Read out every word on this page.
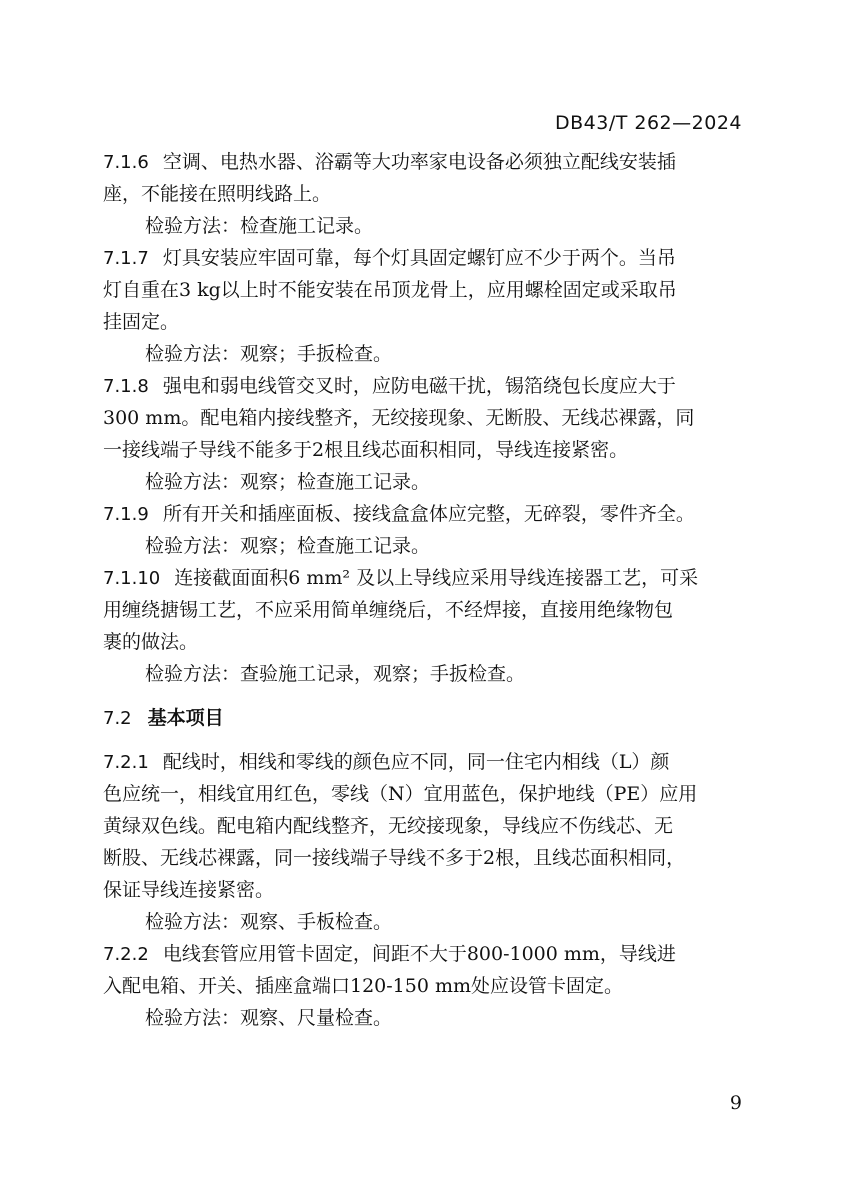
DB43/T 262—2024
7.1.6 空调、电热水器、浴霸等大功率家电设备必须独立配线安装插
座，不能接在照明线路上。
检验方法：检查施工记录。
7.1.7 灯具安装应牢固可靠，每个灯具固定螺钉应不少于两个。当吊
灯自重在3 kg以上时不能安装在吊顶龙骨上，应用螺栓固定或采取吊
挂固定。
检验方法：观察；手扳检查。
7.1.8 强电和弱电线管交叉时，应防电磁干扰，锡箔绕包长度应大于
300 mm。配电箱内接线整齐，无绞接现象、无断股、无线芯裸露，同
一接线端子导线不能多于2根且线芯面积相同，导线连接紧密。
检验方法：观察；检查施工记录。
7.1.9 所有开关和插座面板、接线盒盒体应完整，无碎裂，零件齐全。
检验方法：观察；检查施工记录。
7.1.10 连接截面面积6 mm² 及以上导线应采用导线连接器工艺，可采
用缠绕搪锡工艺，不应采用简单缠绕后，不经焊接，直接用绝缘物包
裹的做法。
检验方法：查验施工记录，观察；手扳检查。
7.2 基本项目
7.2.1 配线时，相线和零线的颜色应不同，同一住宅内相线（L）颜
色应统一，相线宜用红色，零线（N）宜用蓝色，保护地线（PE）应用
黄绿双色线。配电箱内配线整齐，无绞接现象，导线应不伤线芯、无
断股、无线芯裸露，同一接线端子导线不多于2根，且线芯面积相同，
保证导线连接紧密。
检验方法：观察、手板检查。
7.2.2 电线套管应用管卡固定，间距不大于800-1000 mm，导线进
入配电箱、开关、插座盒端口120-150 mm处应设管卡固定。
检验方法：观察、尺量检查。
9
